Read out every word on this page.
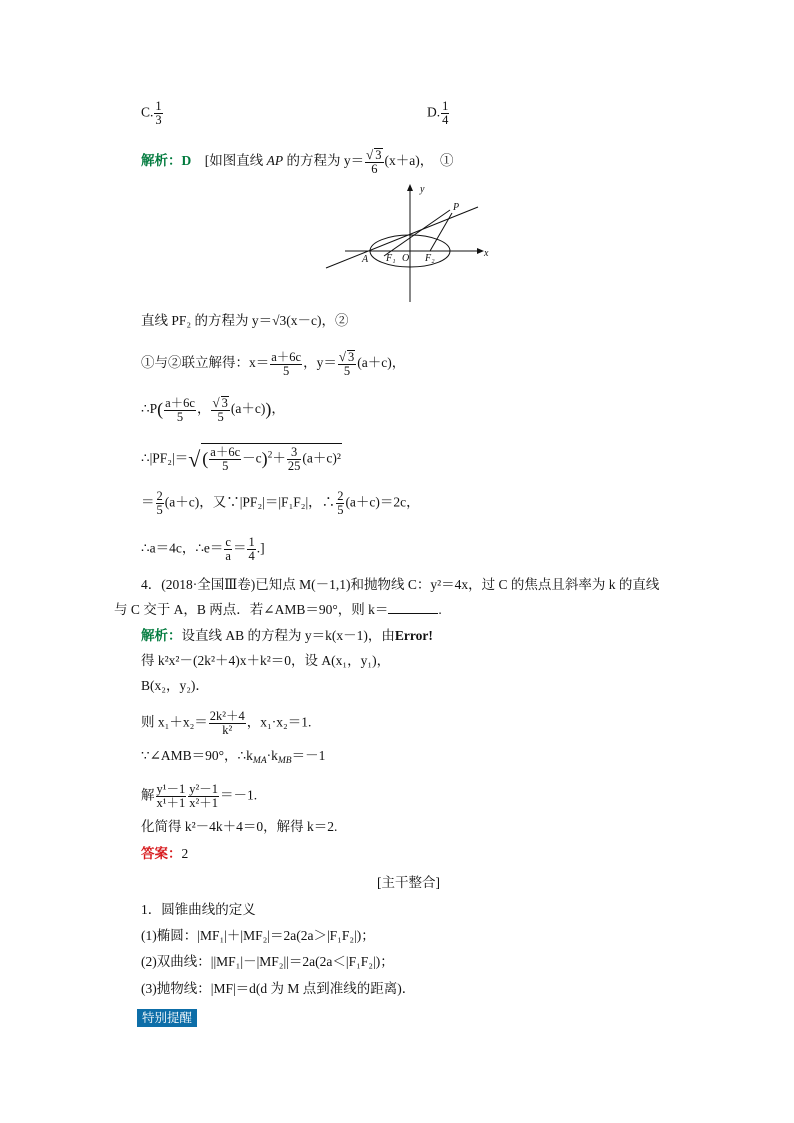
C. $\frac{1}{3}$	D. $\frac{1}{4}$
解析：D　 [如图直线 AP 的方程为 $y= \frac{√ 3}{6} (x+a)$，　①
y
x
P
A F₁ O F₂
直线 PF₂ 的方程为 y＝√3(x－c)，②
①与②联立解得：$x= \frac{a+6c}{5}$ ，$y= \frac{√ 3}{5} (a+c)$，
∴P( $\frac{a+6c}{5}$ ， $\frac{√ 3}{5} (a+c)$)，
∴|PF₂|＝√ ( $\frac{a+6c}{5} -c)^2+ \frac{3}{25} (a+c)^2$
＝ $\frac{2}{5} (a+c)$，又∵|PF₂|＝|F₁F₂|，∴ $\frac{2}{5} (a+c)=2c$，
∴a＝4c，∴e＝ $\frac{c}{a} = \frac{1}{4}$ .]
4．(2018·全国Ⅲ卷)已知点 M(－1,1)和抛物线 C：y²＝4x，过 C 的焦点且斜率为 k 的直线
与 C 交于 A，B 两点．若∠AMB＝90°，则 k＝	.
解析：设直线 AB 的方程为 y＝k(x－1)，由Error!
得 k²x²－(2k²＋4)x＋k²＝0，设 A(x₁，y₁)，
B(x₂，y₂)．
则 $x_1+x_2= \frac{\text{2k²＋4}}{\text{k²}}$ ，x₁·x₂＝1.
∵∠AMB＝90°，$\therefore k_{MA}\cdot k_{MB}=-1$
解 $\frac{\text{y¹－1}}{\text{x¹＋1}} \frac{\text{y²－1}}{\text{x²＋1}} =-1$.
化简得 k²－4k＋4＝0，解得 k＝2.
答案：2
[主干整合]
1．圆锥曲线的定义
(1)椭圆：|MF₁|＋|MF₂|＝2a(2a＞|F₁F₂|)；
(2)双曲线：||MF₁|－|MF₂||＝2a(2a＜|F₁F₂|)；
(3)抛物线：|MF|＝d(d 为 M 点到准线的距离)．
特别提醒
